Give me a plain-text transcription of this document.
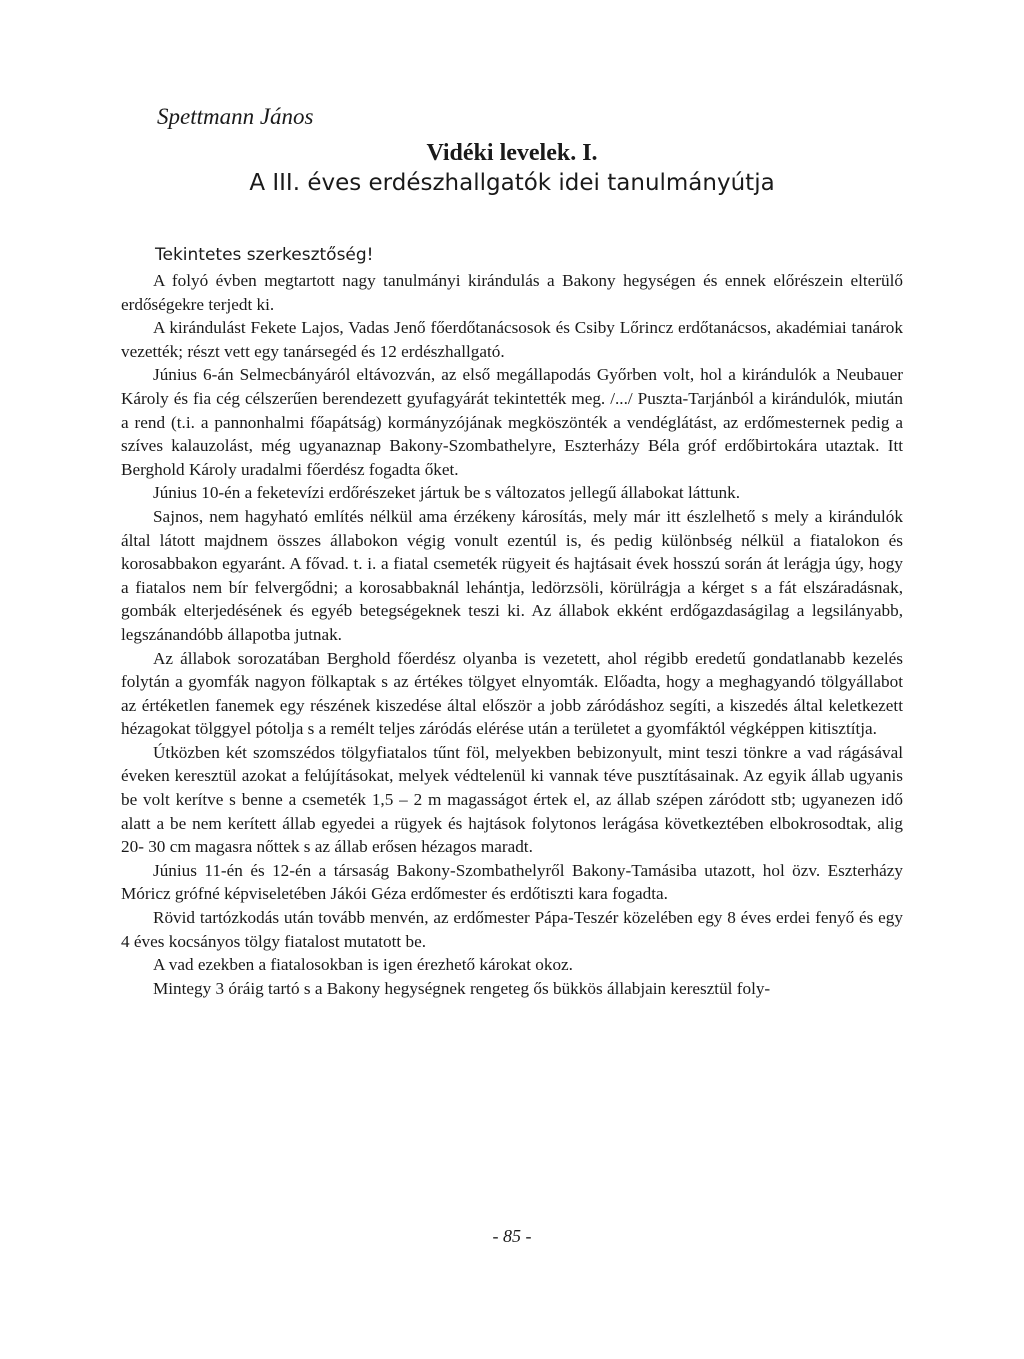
Spettmann János
Vidéki levelek. I.
A III. éves erdészhallgatók idei tanulmányútja
Tekintetes szerkesztőség!

A folyó évben megtartott nagy tanulmányi kirándulás a Bakony hegységen és ennek előrészein elterülő erdőségekre terjedt ki.

A kirándulást Fekete Lajos, Vadas Jenő főerdőtanácsosok és Csiby Lőrincz erdőtanácsos, akadémiai tanárok vezették; részt vett egy tanársegéd és 12 erdészhallgató.

Június 6-án Selmecbányáról eltávozván, az első megállapodás Győrben volt, hol a kirándulók a Neubauer Károly és fia cég célszerűen berendezett gyufagyárát tekintették meg. /.../ Puszta-Tarjánból a kirándulók, miután a rend (t.i. a pannonhalmi főapátság) kormányzójának megköszönték a vendéglátást, az erdőmesternek pedig a szíves kalauzolást, még ugyanaznap Bakony-Szombathelyre, Eszterházy Béla gróf erdőbirtokára utaztak. Itt Berghold Károly uradalmi főerdész fogadta őket.

Június 10-én a feketevízi erdőrészeket jártuk be s változatos jellegű állabokat láttunk.

Sajnos, nem hagyható említés nélkül ama érzékeny károsítás, mely már itt észlelhető s mely a kirándulók által látott majdnem összes állabokon végig vonult ezentúl is, és pedig különbség nélkül a fiatalokon és korosabbakon egyaránt. A fővad. t. i. a fiatal csemeték rügyeit és hajtásait évek hosszú során át lerágja úgy, hogy a fiatalos nem bír felvergődni; a korosabbaknál lehántja, ledörzsöli, körülrágja a kérget s a fát elszáradásnak, gombák elterjedésének és egyéb betegségeknek teszi ki. Az állabok ekként erdőgazdaságilag a legsilányabb, legszánandóbb állapotba jutnak.

Az állabok sorozatában Berghold főerdész olyanba is vezetett, ahol régibb eredetű gondatlanabb kezelés folytán a gyomfák nagyon fölkaptak s az értékes tölgyet elnyomták. Előadta, hogy a meghagyandó tölgyállabot az értéketlen fanemek egy részének kiszedése által először a jobb záródáshoz segíti, a kiszedés által keletkezett hézagokat tölggyel pótolja s a remélt teljes záródás elérése után a területet a gyomfáktól végképpen kitisztítja.

Útközben két szomszédos tölgyfiatalos tűnt föl, melyekben bebizonyult, mint teszi tönkre a vad rágásával éveken keresztül azokat a felújításokat, melyek védtelenül ki vannak téve pusztításainak. Az egyik állab ugyanis be volt kerítve s benne a csemeték 1,5 – 2 m magasságot értek el, az állab szépen záródott stb; ugyanezen idő alatt a be nem kerített állab egyedei a rügyek és hajtások folytonos lerágása következtében elbokrosodtak, alig 20- 30 cm magasra nőttek s az állab erősen hézagos maradt.

Június 11-én és 12-én a társaság Bakony-Szombathelyről Bakony-Tamásiba utazott, hol özv. Eszterházy Móricz grófné képviseletében Jákói Géza erdőmester és erdőtiszti kara fogadta.

Rövid tartózkodás után tovább menvén, az erdőmester Pápa-Teszér közelében egy 8 éves erdei fenyő és egy 4 éves kocsányos tölgy fiatalost mutatott be.

A vad ezekben a fiatalosokban is igen érezhető károkat okoz.

Mintegy 3 óráig tartó s a Bakony hegységnek rengeteg ős bükkös állabjain keresztül foly-

- 85 -
